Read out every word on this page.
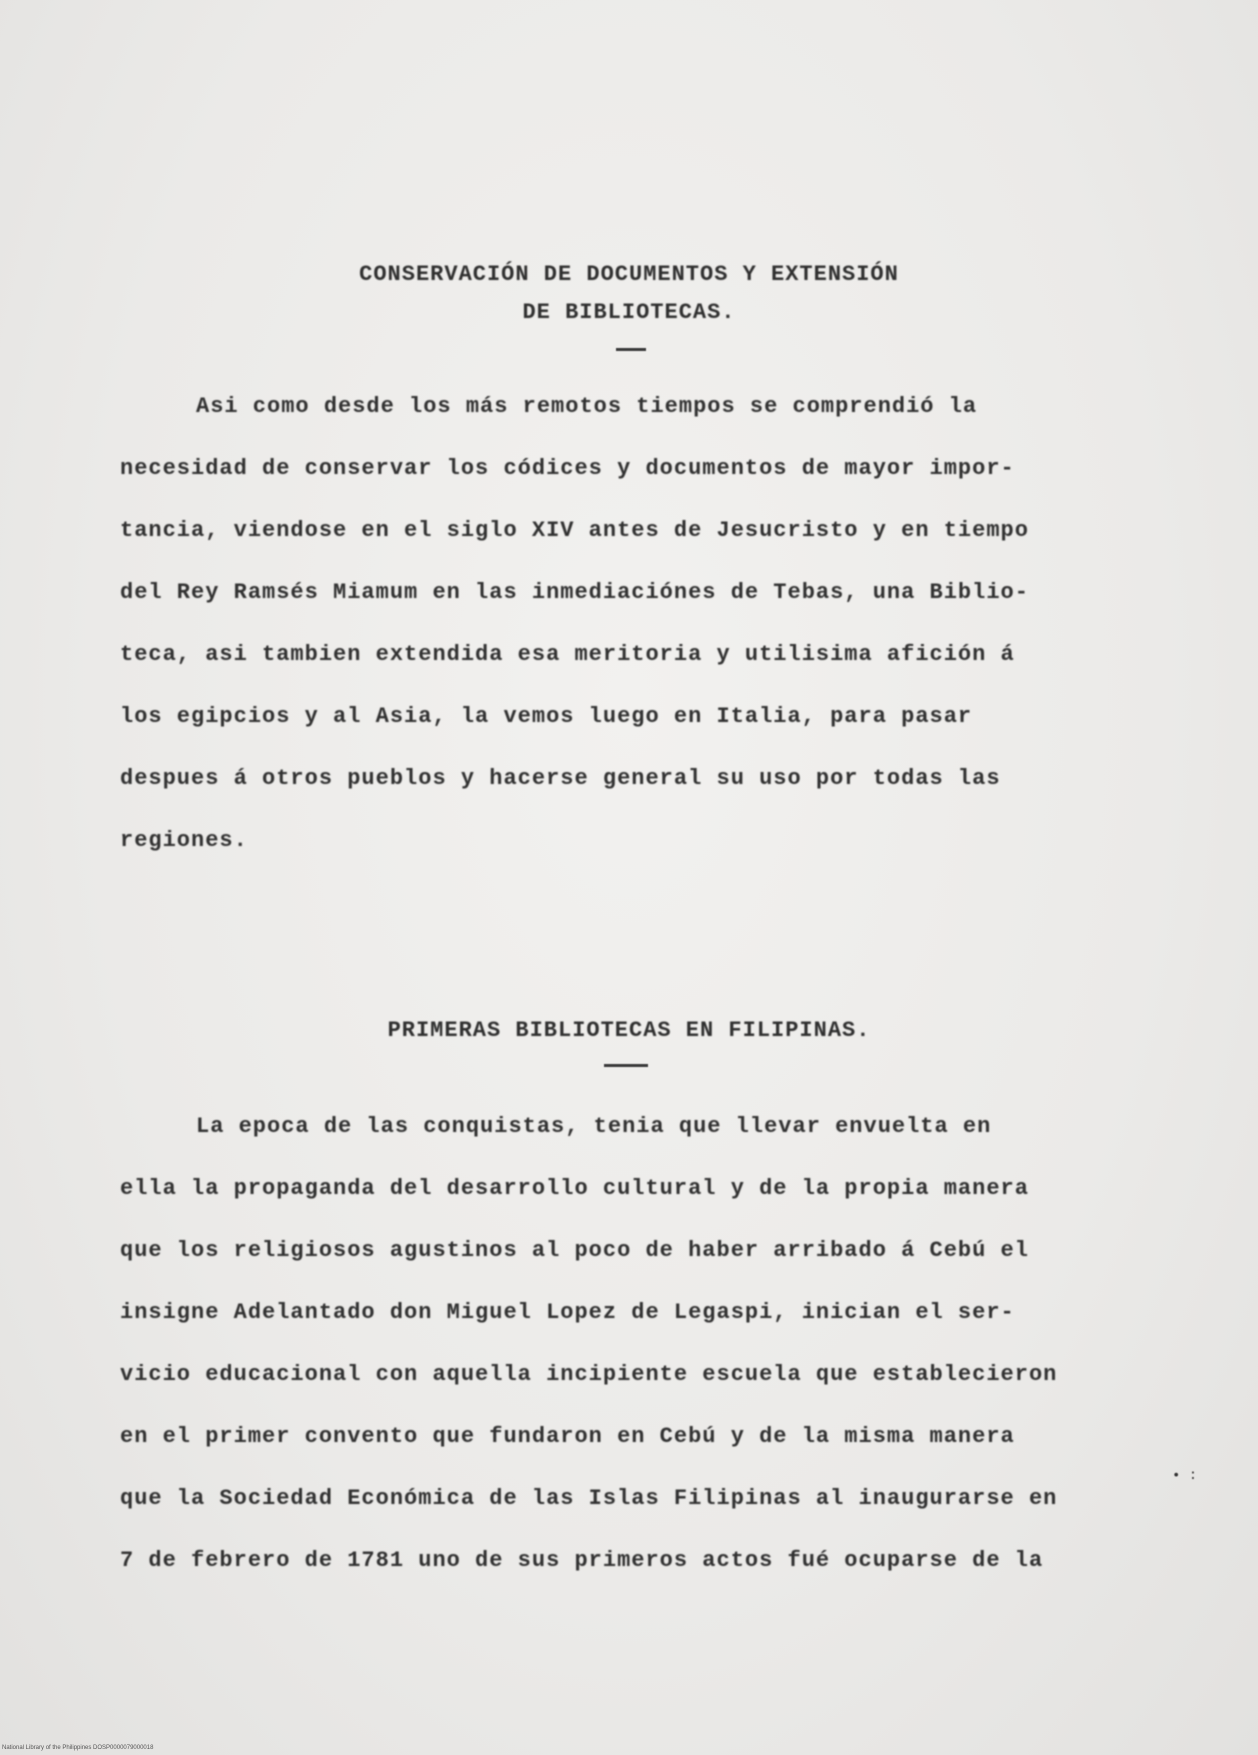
CONSERVACIÓN DE DOCUMENTOS Y EXTENSIÓN
DE BIBLIOTECAS.
Asi como desde los más remotos tiempos se comprendió la
necesidad de conservar los códices y documentos de mayor impor-
tancia, viendose en el siglo XIV antes de Jesucristo y en tiempo
del Rey Ramsés Miamum en las inmediaciónes de Tebas, una Biblio-
teca, asi tambien extendida esa meritoria y utilisima afición á
los egipcios y al Asia, la vemos luego en Italia, para pasar
despues á otros pueblos y hacerse general su uso por todas las
regiones.
PRIMERAS BIBLIOTECAS EN FILIPINAS.
La epoca de las conquistas, tenia que llevar envuelta en
ella la propaganda del desarrollo cultural y de la propia manera
que los religiosos agustinos al poco de haber arribado á Cebú el
insigne Adelantado don Miguel Lopez de Legaspi, inician el ser-
vicio educacional con aquella incipiente escuela que establecieron
en el primer convento que fundaron en Cebú y de la misma manera
que la Sociedad Económica de las Islas Filipinas al inaugurarse en
7 de febrero de 1781 uno de sus primeros actos fué ocuparse de la
• :
National Library of the Philippines DOSP0000079000018
